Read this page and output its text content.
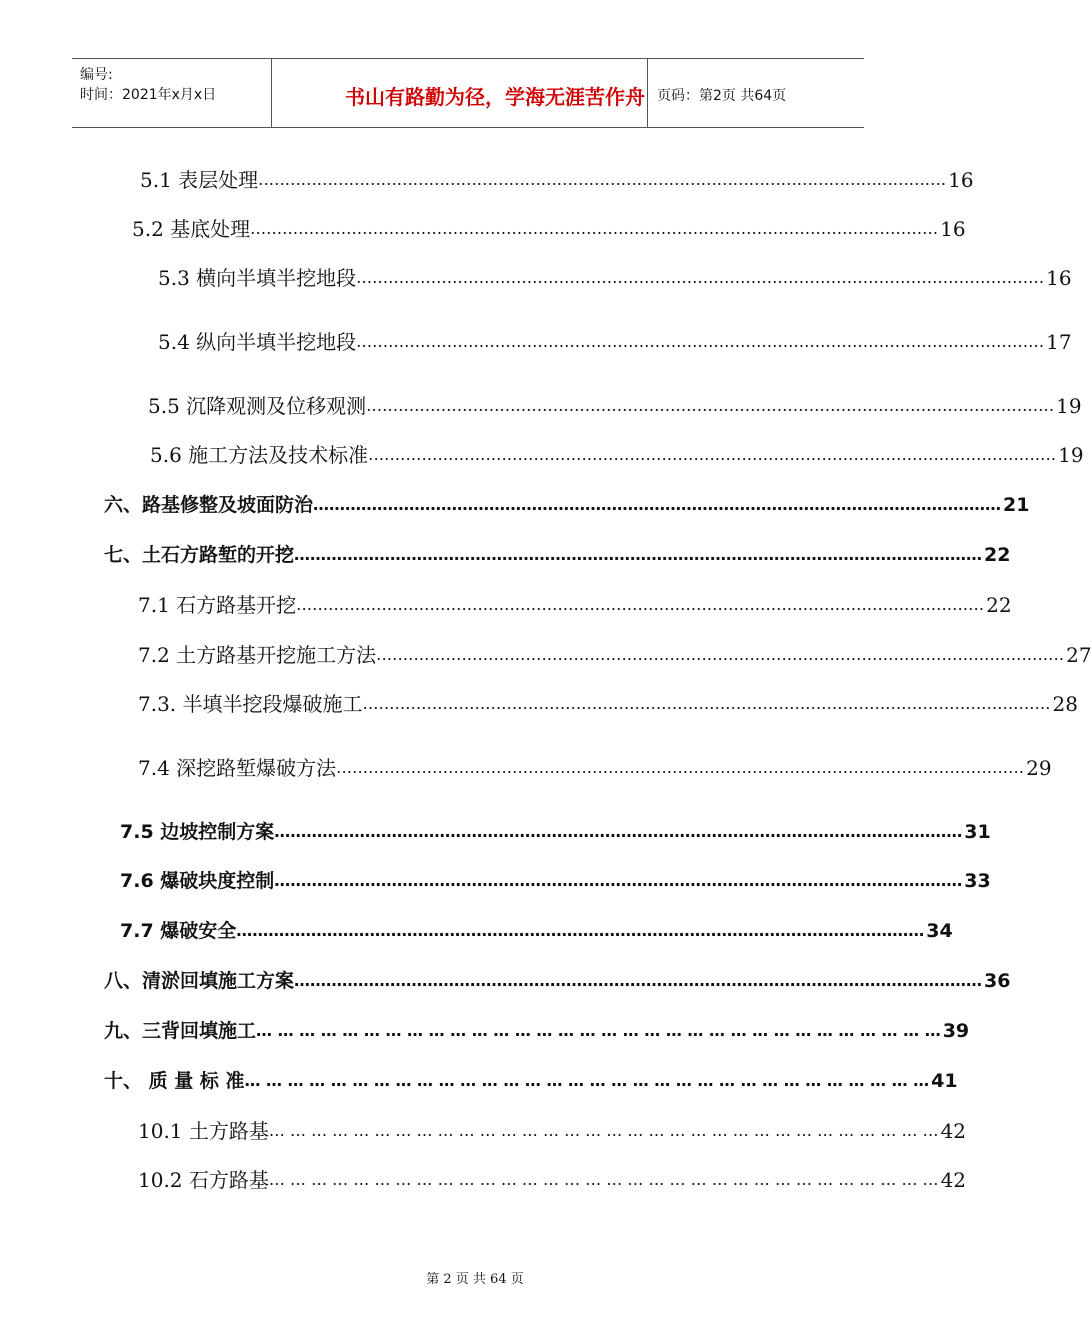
编号:
时间：2021年x月x日	书山有路勤为径，学海无涯苦作舟 页码：第2页 共64页
5.1 表层处理 ………………………………………………………………………………………………………………… 16
5.2 基底处理 ………………………………………………………………………………………………………………… 16
5.3 横向半填半挖地段 ………………………………………………………………………………………………………………… 16
5.4 纵向半填半挖地段 ………………………………………………………………………………………………………………… 17
5.5 沉降观测及位移观测 ………………………………………………………………………………………………………………… 19
5.6 施工方法及技术标准 ………………………………………………………………………………………………………………… 19
六、路基修整及坡面防治 ………………………………………………………………………………………………………………… 21
七、土石方路堑的开挖 ………………………………………………………………………………………………………………… 22
7.1 石方路基开挖 ………………………………………………………………………………………………………………… 22
7.2 土方路基开挖施工方法 ………………………………………………………………………………………………………………… 27
7.3. 半填半挖段爆破施工 ………………………………………………………………………………………………………………… 28
7.4 深挖路堑爆破方法 ………………………………………………………………………………………………………………… 29
7.5 边坡控制方案 ………………………………………………………………………………………………………………… 31
7.6 爆破块度控制 ………………………………………………………………………………………………………………… 33
7.7 爆破安全 ………………………………………………………………………………………………………………… 34
八、清淤回填施工方案 ………………………………………………………………………………………………………………… 36
九、三背回填施工 … … … … … … … … … … … … … … … … … … … … … … … … … … … … … … … … 39
十、 质 量 标 准 … … … … … … … … … … … … … … … … … … … … … … … … … … … … … … … … 41
10.1 土方路基 … … … … … … … … … … … … … … … … … … … … … … … … … … … … … … … … 42
10.2 石方路基 … … … … … … … … … … … … … … … … … … … … … … … … … … … … … … … … 42
第 2 页 共 64 页
